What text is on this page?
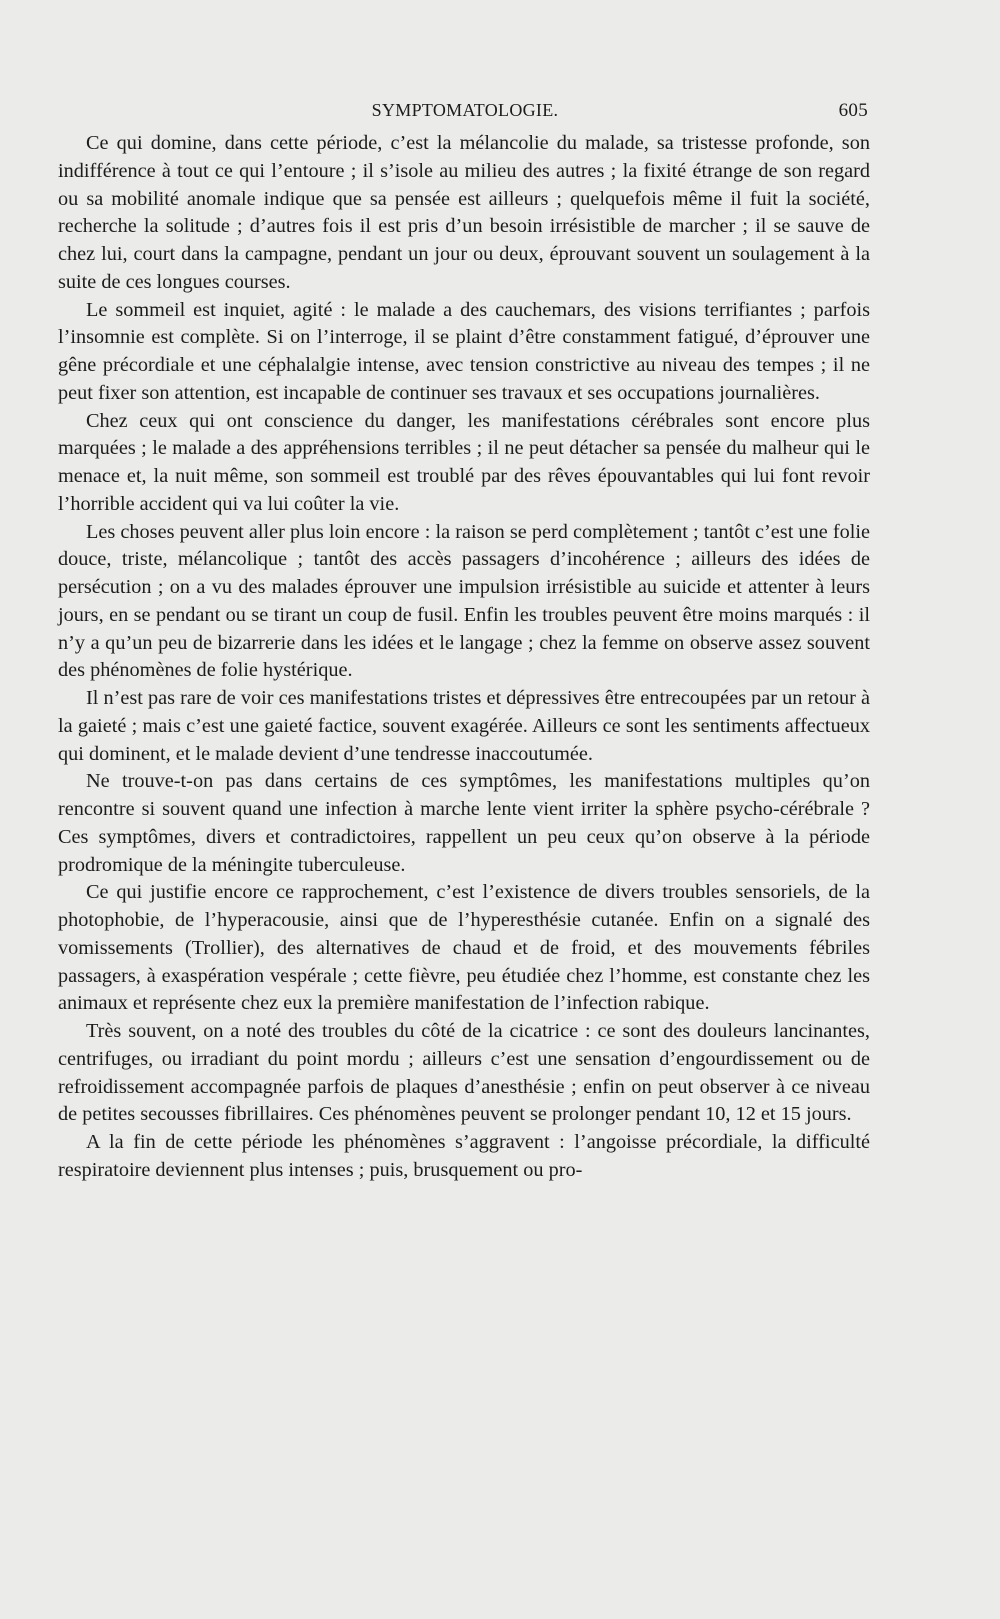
SYMPTOMATOLOGIE.	605

Ce qui domine, dans cette période, c’est la mélancolie du malade, sa tristesse profonde, son indifférence à tout ce qui l’entoure ; il s’isole au milieu des autres ; la fixité étrange de son regard ou sa mobilité anomale indique que sa pensée est ailleurs ; quelquefois même il fuit la société, recherche la solitude ; d’autres fois il est pris d’un besoin irrésistible de marcher ; il se sauve de chez lui, court dans la campagne, pendant un jour ou deux, éprouvant souvent un soulagement à la suite de ces longues courses.

Le sommeil est inquiet, agité : le malade a des cauchemars, des visions terrifiantes ; parfois l’insomnie est complète. Si on l’interroge, il se plaint d’être constamment fatigué, d’éprouver une gêne précordiale et une céphalalgie intense, avec tension constrictive au niveau des tempes ; il ne peut fixer son attention, est incapable de continuer ses travaux et ses occupations journalières.

Chez ceux qui ont conscience du danger, les manifestations cérébrales sont encore plus marquées ; le malade a des appréhensions terribles ; il ne peut détacher sa pensée du malheur qui le menace et, la nuit même, son sommeil est troublé par des rêves épouvantables qui lui font revoir l’horrible accident qui va lui coûter la vie.

Les choses peuvent aller plus loin encore : la raison se perd complètement ; tantôt c’est une folie douce, triste, mélancolique ; tantôt des accès passagers d’incohérence ; ailleurs des idées de persécution ; on a vu des malades éprouver une impulsion irrésistible au suicide et attenter à leurs jours, en se pendant ou se tirant un coup de fusil. Enfin les troubles peuvent être moins marqués : il n’y a qu’un peu de bizarrerie dans les idées et le langage ; chez la femme on observe assez souvent des phénomènes de folie hystérique.

Il n’est pas rare de voir ces manifestations tristes et dépressives être entrecoupées par un retour à la gaieté ; mais c’est une gaieté factice, souvent exagérée. Ailleurs ce sont les sentiments affectueux qui dominent, et le malade devient d’une tendresse inaccoutumée.

Ne trouve-t-on pas dans certains de ces symptômes, les manifestations multiples qu’on rencontre si souvent quand une infection à marche lente vient irriter la sphère psycho-cérébrale ? Ces symptômes, divers et contradictoires, rappellent un peu ceux qu’on observe à la période prodromique de la méningite tuberculeuse.

Ce qui justifie encore ce rapprochement, c’est l’existence de divers troubles sensoriels, de la photophobie, de l’hyperacousie, ainsi que de l’hyperesthésie cutanée. Enfin on a signalé des vomissements (Trollier), des alternatives de chaud et de froid, et des mouvements fébriles passagers, à exaspération vespérale ; cette fièvre, peu étudiée chez l’homme, est constante chez les animaux et représente chez eux la première manifestation de l’infection rabique.

Très souvent, on a noté des troubles du côté de la cicatrice : ce sont des douleurs lancinantes, centrifuges, ou irradiant du point mordu ; ailleurs c’est une sensation d’engourdissement ou de refroidissement accompagnée parfois de plaques d’anesthésie ; enfin on peut observer à ce niveau de petites secousses fibrillaires. Ces phénomènes peuvent se prolonger pendant 10, 12 et 15 jours.

A la fin de cette période les phénomènes s’aggravent : l’angoisse précordiale, la difficulté respiratoire deviennent plus intenses ; puis, brusquement ou pro-
